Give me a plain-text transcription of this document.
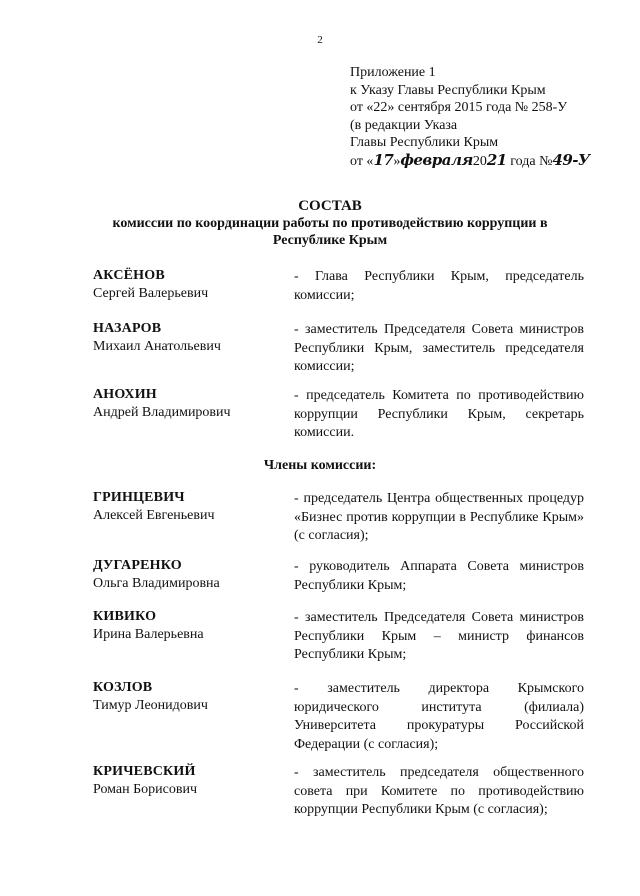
2
Приложение 1
к Указу Главы Республики Крым
от «22» сентября 2015 года № 258-У
(в редакции Указа
Главы Республики Крым
от «17»февраля2021 года №49-У
СОСТАВ
комиссии по координации работы по противодействию коррупции в Республике Крым
АКСЁНОВ
Сергей Валерьевич
- Глава Республики Крым, председатель комиссии;
НАЗАРОВ
Михаил Анатольевич
- заместитель Председателя Совета министров Республики Крым, заместитель председателя комиссии;
АНОХИН
Андрей Владимирович
- председатель Комитета по противодействию коррупции Республики Крым, секретарь комиссии.
Члены комиссии:
ГРИНЦЕВИЧ
Алексей Евгеньевич
- председатель Центра общественных процедур «Бизнес против коррупции в Республике Крым» (с согласия);
ДУГАРЕНКО
Ольга Владимировна
- руководитель Аппарата Совета министров Республики Крым;
КИВИКО
Ирина Валерьевна
- заместитель Председателя Совета министров Республики Крым – министр финансов Республики Крым;
КОЗЛОВ
Тимур Леонидович
- заместитель директора Крымского юридического института (филиала) Университета прокуратуры Российской Федерации (с согласия);
КРИЧЕВСКИЙ
Роман Борисович
- заместитель председателя общественного совета при Комитете по противодействию коррупции Республики Крым (с согласия);
